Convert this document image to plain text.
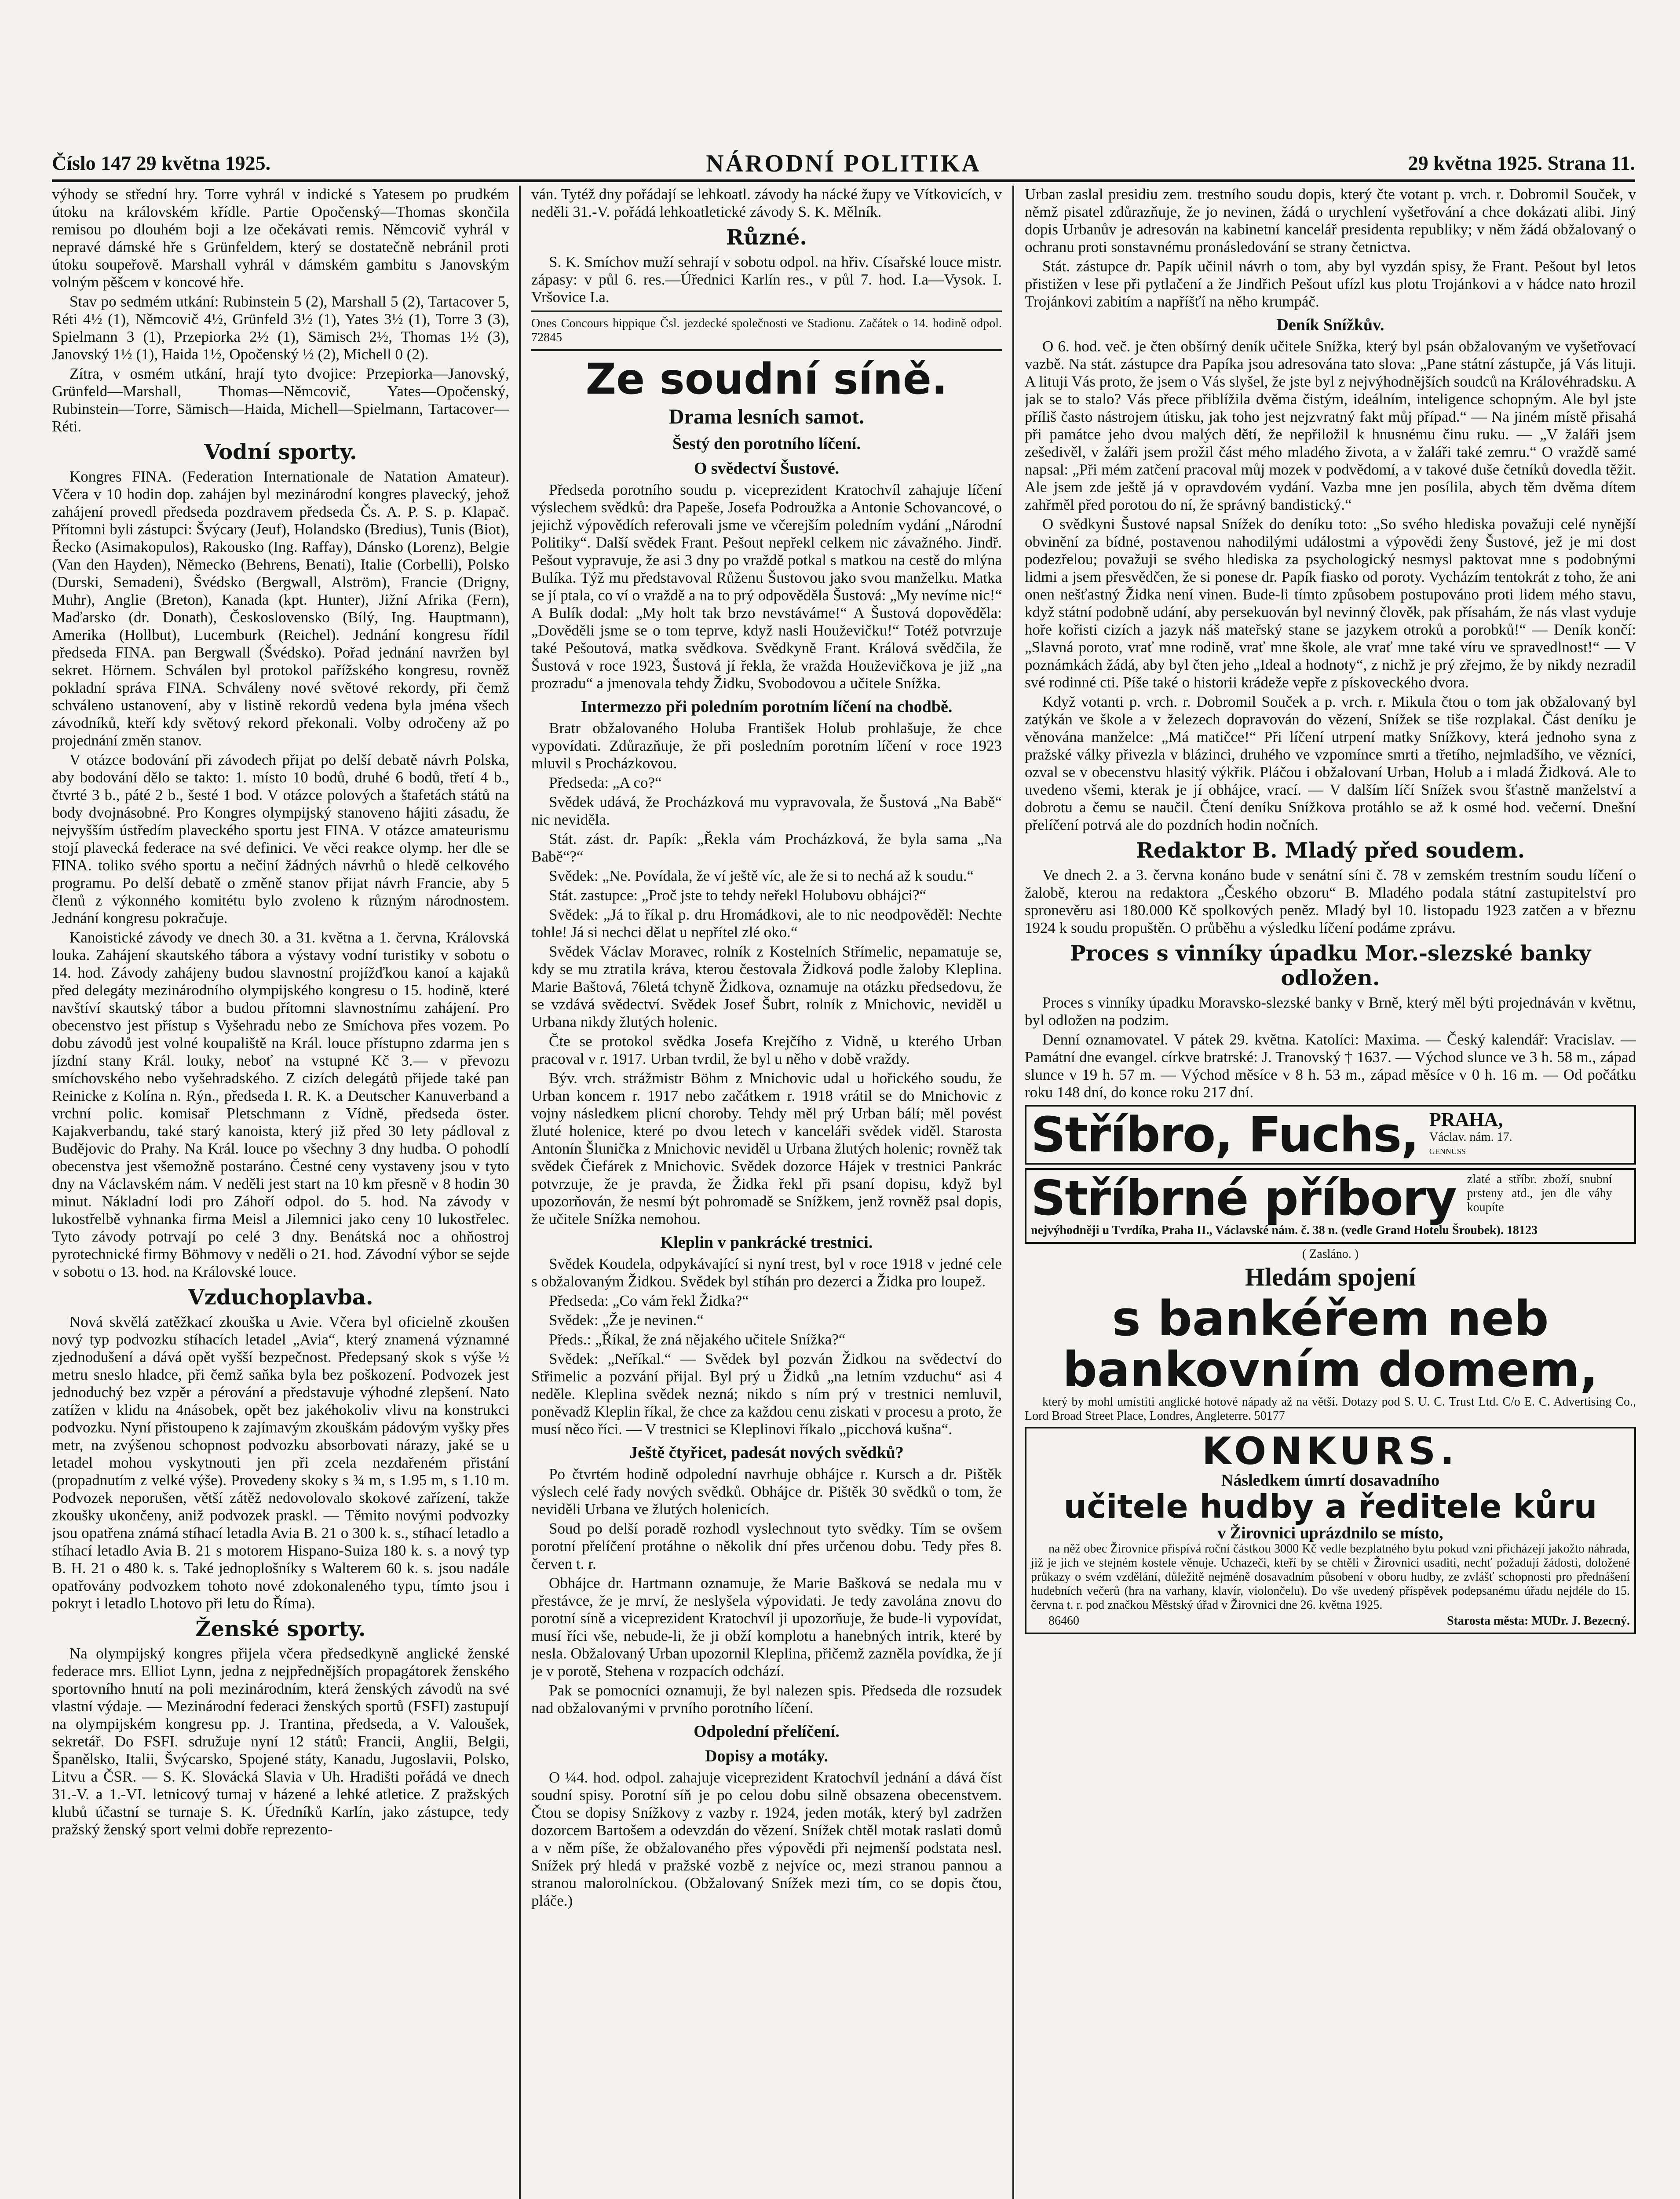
Číslo 147 29 května 1925.	NÁRODNÍ POLITIKA	29 května 1925. Strana 11.

výhody se střední hry. Torre vyhrál v indické s Yatesem po prudkém útoku na královském křídle. Partie Opočenský—Thomas skončila remisou po dlouhém boji a lze očekávati remis. Němcovič vyhrál v nepravé dámské hře s Grünfeldem, který se dostatečně nebránil proti útoku soupeřově. Marshall vyhrál v dámském gambitu s Janovským volným pěšcem v koncové hře.

Stav po sedmém utkání: Rubinstein 5 (2), Marshall 5 (2), Tartacover 5, Réti 4½ (1), Němcovič 4½, Grünfeld 3½ (1), Yates 3½ (1), Torre 3 (3), Spielmann 3 (1), Przepiorka 2½ (1), Sämisch 2½, Thomas 1½ (3), Janovský 1½ (1), Haida 1½, Opočenský ½ (2), Michell 0 (2).

Zítra, v osmém utkání, hrají tyto dvojice: Przepiorka—Janovský, Grünfeld—Marshall, Thomas—Němcovič, Yates—Opočenský, Rubinstein—Torre, Sämisch—Haida, Michell—Spielmann, Tartacover—Réti.

Vodní sporty.

Kongres FINA. (Federation Internationale de Natation Amateur). Včera v 10 hodin dop. zahájen byl mezinárodní kongres plavecký, jehož zahájení provedl předseda pozdravem předseda Čs. A. P. S. p. Klapač. Přítomni byli zástupci: Švýcary (Jeuf), Holandsko (Bredius), Tunis (Biot), Řecko (Asimakopulos), Rakousko (Ing. Raffay), Dánsko (Lorenz), Belgie (Van den Hayden), Německo (Behrens, Benati), Italie (Corbelli), Polsko (Durski, Semadeni), Švédsko (Bergwall, Alström), Francie (Drigny, Muhr), Anglie (Breton), Kanada (kpt. Hunter), Jižní Afrika (Fern), Maďarsko (dr. Donath), Československo (Bílý, Ing. Hauptmann), Amerika (Hollbut), Lucemburk (Reichel). Jednání kongresu řídil předseda FINA. pan Bergwall (Švédsko). Pořad jednání navržen byl sekret. Hörnem. Schválen byl protokol pařížského kongresu, rovněž pokladní správa FINA. Schváleny nové světové rekordy, při čemž schváleno ustanovení, aby v listině rekordů vedena byla jména všech závodníků, kteří kdy světový rekord překonali. Volby odročeny až po projednání změn stanov.

V otázce bodování při závodech přijat po delší debatě návrh Polska, aby bodování dělo se takto: 1. místo 10 bodů, druhé 6 bodů, třetí 4 b., čtvrté 3 b., páté 2 b., šesté 1 bod. V otázce polových a štafetách států na body dvojnásobné. Pro Kongres olympijský stanoveno hájiti zásadu, že nejvyšším ústředím plaveckého sportu jest FINA. V otázce amateurismu stojí plavecká federace na své definici. Ve věci reakce olymp. her dle se FINA. toliko svého sportu a nečiní žádných návrhů o hledě celkového programu. Po delší debatě o změně stanov přijat návrh Francie, aby 5 členů z výkonného komitétu bylo zvoleno k různým národnostem. Jednání kongresu pokračuje.

Kanoistické závody ve dnech 30. a 31. května a 1. června, Královská louka. Zahájení skautského tábora a výstavy vodní turistiky v sobotu o 14. hod. Závody zahájeny budou slavnostní projížďkou kanoí a kajaků před delegáty mezinárodního olympijského kongresu o 15. hodině, které navštíví skautský tábor a budou přítomni slavnostnímu zahájení. Pro obecenstvo jest přístup s Vyšehradu nebo ze Smíchova přes vozem. Po dobu závodů jest volné koupaliště na Král. louce přístupno zdarma jen s jízdní stany Král. louky, neboť na vstupné Kč 3.— v převozu smíchovského nebo vyšehradského. Z cizích delegátů přijede také pan Reinicke z Kolína n. Rýn., předseda I. R. K. a Deutscher Kanuverband a vrchní polic. komisař Pletschmann z Vídně, předseda öster. Kajakverbandu, také starý kanoista, který již před 30 lety pádloval z Budějovic do Prahy. Na Král. louce po všechny 3 dny hudba. O pohodlí obecenstva jest všemožně postaráno. Čestné ceny vystaveny jsou v tyto dny na Václavském nám. V neděli jest start na 10 km přesně v 8 hodin 30 minut. Nákladní lodi pro Záhoří odpol. do 5. hod. Na závody v lukostřelbě vyhnanka firma Meisl a Jilemnici jako ceny 10 lukostřelec. Tyto závody potrvají po celé 3 dny. Benátská noc a ohňostroj pyrotechnické firmy Böhmovy v neděli o 21. hod. Závodní výbor se sejde v sobotu o 13. hod. na Královské louce.

Vzduchoplavba.

Nová skvělá zatěžkací zkouška u Avie. Včera byl oficielně zkoušen nový typ podvozku stíhacích letadel „Avia“, který znamená významné zjednodušení a dává opět vyšší bezpečnost. Předepsaný skok s výše ½ metru sneslo hladce, při čemž saňka byla bez poškození. Podvozek jest jednoduchý bez vzpěr a pérování a představuje výhodné zlepšení. Nato zatížen v klidu na 4násobek, opět bez jakéhokoliv vlivu na konstrukci podvozku. Nyní přistoupeno k zajímavým zkouškám pádovým vyšky přes metr, na zvýšenou schopnost podvozku absorbovati nárazy, jaké se u letadel mohou vyskytnouti jen při zcela nezdařeném přistání (propadnutím z velké výše). Provedeny skoky s ¾ m, s 1.95 m, s 1.10 m. Podvozek neporušen, větší zátěž nedovolovalo skokové zařízení, takže zkoušky ukončeny, aniž podvozek praskl. — Těmito novými podvozky jsou opatřena známá stíhací letadla Avia B. 21 o 300 k. s., stíhací letadlo a stíhací letadlo Avia B. 21 s motorem Hispano-Suiza 180 k. s. a nový typ B. H. 21 o 480 k. s. Také jednoplošníky s Walterem 60 k. s. jsou nadále opatřovány podvozkem tohoto nové zdokonaleného typu, tímto jsou i pokryt i letadlo Lhotovo při letu do Říma).

Ženské sporty.

Na olympijský kongres přijela včera předsedkyně anglické ženské federace mrs. Elliot Lynn, jedna z nejpřednějších propagátorek ženského sportovního hnutí na poli mezinárodním, která ženských závodů na své vlastní výdaje. — Mezinárodní federaci ženských sportů (FSFI) zastupují na olympijském kongresu pp. J. Trantina, předseda, a V. Valoušek, sekretář. Do FSFI. sdružuje nyní 12 států: Francii, Anglii, Belgii, Španělsko, Italii, Švýcarsko, Spojené státy, Kanadu, Jugoslavii, Polsko, Litvu a ČSR. — S. K. Slovácká Slavia v Uh. Hradišti pořádá ve dnech 31.-V. a 1.-VI. letnicový turnaj v házené a lehké atletice. Z pražských klubů účastní se turnaje S. K. Úředníků Karlín, jako zástupce, tedy pražský ženský sport velmi dobře reprezento-

ván. Tytéž dny pořádají se lehkoatl. závody ha nácké župy ve Vítkovicích, v neděli 31.-V. pořádá lehkoatletické závody S. K. Mělník.

Různé.

S. K. Smíchov muží sehrají v sobotu odpol. na hřiv. Císařské louce mistr. zápasy: v půl 6. res.—Úřednici Karlín res., v půl 7. hod. I.a—Vysok. I. Vršovice I.a.

Ones Concours hippique Čsl. jezdecké společnosti ve Stadionu. Začátek o 14. hodině odpol. 72845

Ze soudní síně.
Drama lesních samot.
Šestý den porotního líčení.
O svědectví Šustové.

Předseda porotního soudu p. viceprezident Kratochvíl zahajuje líčení výslechem svědků: dra Papeše, Josefa Podroužka a Antonie Schovancové, o jejichž výpovědích referovali jsme ve včerejším poledním vydání „Národní Politiky“. Další svědek Frant. Pešout nepřekl celkem nic závažného. Jindř. Pešout vypravuje, že asi 3 dny po vraždě potkal s matkou na cestě do mlýna Bulíka. Týž mu představoval Růženu Šustovou jako svou manželku. Matka se jí ptala, co ví o vraždě a na to prý odpověděla Šustová: „My nevíme nic!“ A Bulík dodal: „My holt tak brzo nevstáváme!“ A Šustová dopověděla: „Dověděli jsme se o tom teprve, když nasli Houževičku!“ Totéž potvrzuje také Pešoutová, matka svědkova. Svědkyně Frant. Králová svědčila, že Šustová v roce 1923, Šustová jí řekla, že vražda Houževičkova je již „na prozradu“ a jmenovala tehdy Židku, Svobodovou a učitele Snížka.

Intermezzo při poledním porotním líčení na chodbě.

Bratr obžalovaného Holuba František Holub prohlašuje, že chce vypovídati. Zdůrazňuje, že při posledním porotním líčení v roce 1923 mluvil s Procházkovou.

Předseda: „A co?“

Svědek udává, že Procházková mu vypravovala, že Šustová „Na Babě“ nic neviděla.

Stát. zást. dr. Papík: „Řekla vám Procházková, že byla sama „Na Babě“?“

Svědek: „Ne. Povídala, že ví ještě víc, ale že si to nechá až k soudu.“

Stát. zastupce: „Proč jste to tehdy neřekl Holubovu obhájci?“

Svědek: „Já to říkal p. dru Hromádkovi, ale to nic neodpověděl: Nechte tohle! Já si nechci dělat u nepřítel zlé oko.“

Svědek Václav Moravec, rolník z Kostelních Střímelic, nepamatuje se, kdy se mu ztratila kráva, kterou čestovala Židková podle žaloby Kleplina. Marie Baštová, 76letá tchyně Židkova, oznamuje na otázku předsedovu, že se vzdává svědectví. Svědek Josef Šubrt, rolník z Mnichovic, neviděl u Urbana nikdy žlutých holenic.

Čte se protokol svědka Josefa Krejčího z Vidně, u kterého Urban pracoval v r. 1917. Urban tvrdil, že byl u něho v době vraždy.

Býv. vrch. strážmistr Böhm z Mnichovic udal u hořického soudu, že Urban koncem r. 1917 nebo začátkem r. 1918 vrátil se do Mnichovic z vojny následkem plicní choroby. Tehdy měl prý Urban bálí; měl povést žluté holenice, které po dvou letech v kanceláři svědek viděl. Starosta Antonín Šlunička z Mnichovic neviděl u Urbana žlutých holenic; rovněž tak svědek Čiefárek z Mnichovic. Svědek dozorce Hájek v trestnici Pankrác potvrzuje, že je pravda, že Židka řekl při psaní dopisu, když byl upozorňován, že nesmí být pohromadě se Snížkem, jenž rovněž psal dopis, že učitele Snížka nemohou.

Kleplin v pankrácké trestnici.

Svědek Koudela, odpykávající si nyní trest, byl v roce 1918 v jedné cele s obžalovaným Židkou. Svědek byl stíhán pro dezerci a Židka pro loupež.

Předseda: „Co vám řekl Židka?“

Svědek: „Že je nevinen.“

Předs.: „Říkal, že zná nějakého učitele Snížka?“

Svědek: „Neříkal.“ — Svědek byl pozván Židkou na svědectví do Střimelic a pozvání přijal. Byl prý u Židků „na letním vzduchu“ asi 4 neděle. Kleplina svědek nezná; nikdo s ním prý v trestnici nemluvil, poněvadž Kleplin říkal, že chce za každou cenu ziskati v procesu a proto, že musí něco říci. — V trestnici se Kleplinovi říkalo „picchová kušna“.

Ještě čtyřicet, padesát nových svědků?

Po čtvrtém hodině odpolední navrhuje obhájce r. Kursch a dr. Pištěk výslech celé řady nových svědků. Obhájce dr. Pištěk 30 svědků o tom, že neviděli Urbana ve žlutých holenicích.

Soud po delší poradě rozhodl vyslechnout tyto svědky. Tím se ovšem porotní přelíčení protáhne o několik dní přes určenou dobu. Tedy přes 8. červen t. r.

Obhájce dr. Hartmann oznamuje, že Marie Bašková se nedala mu v přestávce, že je mrví, že neslyšela výpovidati. Je tedy zavolána znovu do porotní síně a viceprezident Kratochvíl ji upozorňuje, že bude-li vypovídat, musí říci vše, nebude-li, že ji obží komplotu a hanebných intrik, které by nesla. Obžalovaný Urban upozornil Kleplina, přičemž zazněla povídka, že jí je v porotě, Stehena v rozpacích odchází.

Pak se pomocníci oznamuji, že byl nalezen spis. Předseda dle rozsudek nad obžalovanými v prvního porotního líčení.

Odpolední přelíčení.
Dopisy a motáky.

O ¼4. hod. odpol. zahajuje viceprezident Kratochvíl jednání a dává číst soudní spisy. Porotní síň je po celou dobu silně obsazena obecenstvem. Čtou se dopisy Snížkovy z vazby r. 1924, jeden moták, který byl zadržen dozorcem Bartošem a odevzdán do vězení. Snížek chtěl motak raslati domů a v něm píše, že obžalovaného přes výpovědi při nejmenší podstata nesl. Snížek prý hledá v pražské vozbě z nejvíce oc, mezi stranou pannou a stranou malorolníckou. (Obžalovaný Snížek mezi tím, co se dopis čtou, pláče.)

Urban zaslal presidiu zem. trestního soudu dopis, který čte votant p. vrch. r. Dobromil Souček, v němž pisatel zdůrazňuje, že jo nevinen, žádá o urychlení vyšetřování a chce dokázati alibi. Jiný dopis Urbanův je adresován na kabinetní kancelář presidenta republiky; v něm žádá obžalovaný o ochranu proti sonstavnému pronásledování se strany četnictva.

Stát. zástupce dr. Papík učinil návrh o tom, aby byl vyzdán spisy, že Frant. Pešout byl letos přistižen v lese při pytlačení a že Jindřich Pešout ufízl kus plotu Trojánkovi a v hádce nato hrozil Trojánkovi zabitím a napříšťí na něho krumpáč.

Deník Snížkův.

O 6. hod. več. je čten obšírný deník učitele Snížka, který byl psán obžalovaným ve vyšetřovací vazbě. Na stát. zástupce dra Papíka jsou adresována tato slova: „Pane státní zástupče, já Vás lituji. A lituji Vás proto, že jsem o Vás slyšel, že jste byl z nejvýhodnějších soudců na Královéhradsku. A jak se to stalo? Vás přece přiblížila dvěma čistým, ideálním, inteligence schopným. Ale byl jste příliš často nástrojem útisku, jak toho jest nejzvratný fakt můj případ.“ — Na jiném místě přisahá při památce jeho dvou malých dětí, že nepřiložil k hnusnému činu ruku. — „V žaláři jsem zešedivěl, v žaláři jsem prožil část mého mladého života, a v žaláři také zemru.“ O vraždě samé napsal: „Při mém zatčení pracoval můj mozek v podvědomí, a v takové duše četníků dovedla těžit. Ale jsem zde ještě já v opravdovém vydání. Vazba mne jen posílila, abych těm dvěma dítem zahřměl před porotou do ní, že správný bandistický.“

O svědkyni Šustové napsal Snížek do deníku toto: „So svého hlediska považuji celé nynější obvinění za bídné, postavenou nahodilými událostmi a výpovědi ženy Šustové, jež je mi dost podezřelou; považuji se svého hlediska za psychologický nesmysl paktovat mne s podobnými lidmi a jsem přesvědčen, že si ponese dr. Papík fiasko od poroty. Vycházím tentokrát z toho, že ani onen nešťastný Židka není vinen. Bude-li tímto způsobem postupováno proti lidem mého stavu, když státní podobně udání, aby persekuován byl nevinný člověk, pak přísahám, že nás vlast vyduje hoře kořisti cizích a jazyk náš mateřský stane se jazykem otroků a porobků!“ — Deník končí: „Slavná poroto, vrať mne rodině, vrať mne škole, ale vrať mne také víru ve spravedlnost!“ — V poznámkách žádá, aby byl čten jeho „Ideal a hodnoty“, z nichž je prý zřejmo, že by nikdy nezradil své rodinné cti. Píše také o historii krádeže vepře z pískoveckého dvora.

Když votanti p. vrch. r. Dobromil Souček a p. vrch. r. Mikula čtou o tom jak obžalovaný byl zatýkán ve škole a v železech dopravován do vězení, Snížek se tiše rozplakal. Část deníku je věnována manželce: „Má matičce!“ Při líčení utrpení matky Snížkovy, která jednoho syna z pražské války přivezla v blázinci, druhého ve vzpomínce smrti a třetího, nejmladšího, ve vězníci, ozval se v obecenstvu hlasitý výkřik. Pláčou i obžalovaní Urban, Holub a i mladá Židková. Ale to uvedeno všemi, kterak je jí obhájce, vrací. — V dalším líčí Snížek svou šťastně manželství a dobrotu a čemu se naučil. Čtení deníku Snížkova protáhlo se až k osmé hod. večerní. Dnešní přelíčení potrvá ale do pozdních hodin nočních.

Redaktor B. Mladý před soudem.

Ve dnech 2. a 3. června konáno bude v senátní síni č. 78 v zemském trestním soudu líčení o žalobě, kterou na redaktora „Českého obzoru“ B. Mladého podala státní zastupitelství pro spronevěru asi 180.000 Kč spolkových peněz. Mladý byl 10. listopadu 1923 zatčen a v březnu 1924 k soudu propuštěn. O průběhu a výsledku líčení podáme zprávu.

Proces s vinníky úpadku Mor.-slezské banky odložen.

Proces s vinníky úpadku Moravsko-slezské banky v Brně, který měl býti projednáván v květnu, byl odložen na podzim.

Denní oznamovatel. V pátek 29. května. Katolíci: Maxima. — Český kalendář: Vracislav. — Památní dne evangel. církve bratrské: J. Tranovský † 1637. — Východ slunce ve 3 h. 58 m., západ slunce v 19 h. 57 m. — Východ měsíce v 8 h. 53 m., západ měsíce v 0 h. 16 m. — Od počátku roku 148 dní, do konce roku 217 dní.

Stříbro, Fuchs, PRAHA,
Václav. nám. 17.
GENNUSS
Stříbrné příbory zlaté a stříbr. zboží, snubní prsteny atd., jen dle váhy koupíte

nejvýhodněji u Tvrdíka, Praha II., Václavské nám. č. 38 n. (vedle Grand Hotelu Šroubek). 18123

( Zasláno. )
Hledám spojení
s bankéřem neb
bankovním domem,

který by mohl umístiti anglické hotové nápady až na větší. Dotazy pod S. U. C. Trust Ltd. C/o E. C. Advertising Co., Lord Broad Street Place, Londres, Angleterre. 50177

KONKURS.
Následkem úmrtí dosavadního
učitele hudby a ředitele kůru
v Žirovnici uprázdnilo se místo,

na něž obec Žirovnice přispívá roční částkou 3000 Kč vedle bezplatného bytu pokud vzni přicházejí jakožto náhrada, již je jich ve stejném kostele věnuje. Uchazeči, kteří by se chtěli v Žirovnici usaditi, nechť požadují žádosti, doložené průkazy o svém vzdělání, důležitě nejméně dosavadním působení v oboru hudby, ze zvlášť schopnosti pro přednášení hudebních večerů (hra na varhany, klavír, violončelu). Do vše uvedený příspěvek podepsanému úřadu nejdéle do 15. června t. r. pod značkou Městský úřad v Žirovnici dne 26. května 1925.

86460	Starosta města: MUDr. J. Bezecný.
